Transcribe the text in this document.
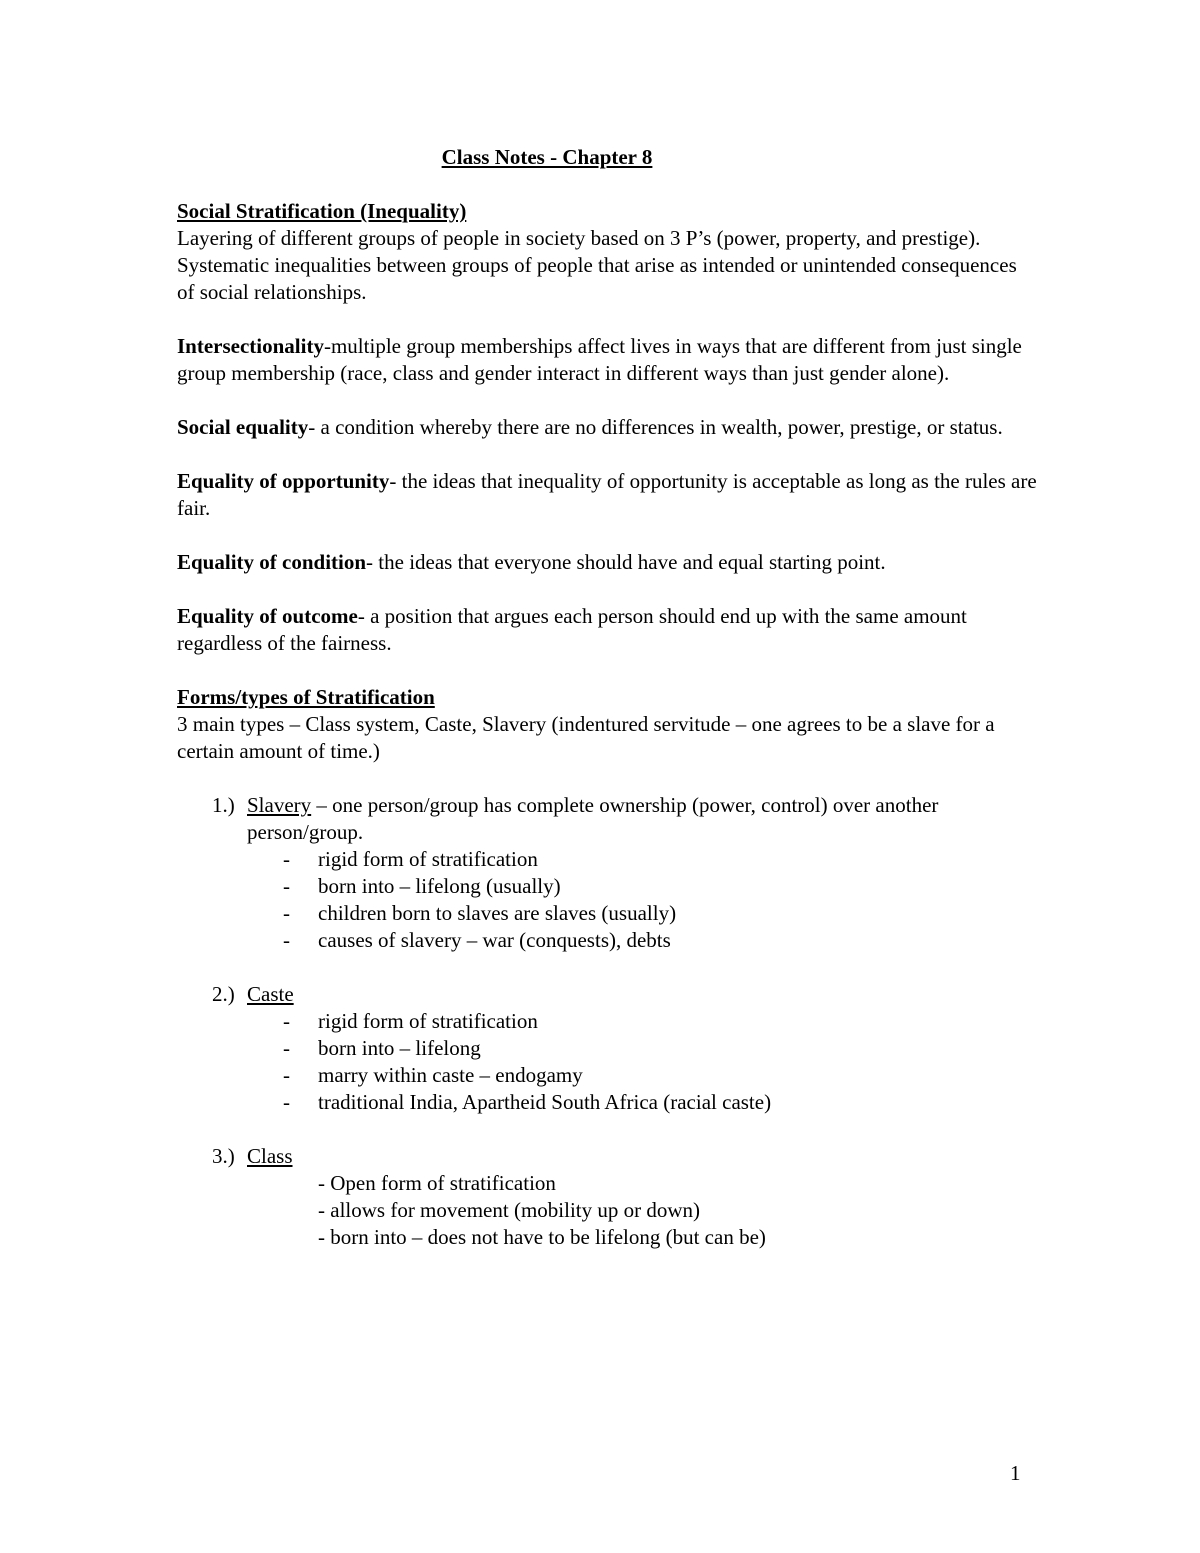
Class Notes - Chapter 8

Social Stratification (Inequality)
Layering of different groups of people in society based on 3 P’s (power, property, and prestige). Systematic inequalities between groups of people that arise as intended or unintended consequences of social relationships.

Intersectionality-multiple group memberships affect lives in ways that are different from just single group membership (race, class and gender interact in different ways than just gender alone).

Social equality- a condition whereby there are no differences in wealth, power, prestige, or status.

Equality of opportunity- the ideas that inequality of opportunity is acceptable as long as the rules are fair.

Equality of condition- the ideas that everyone should have and equal starting point.

Equality of outcome- a position that argues each person should end up with the same amount regardless of the fairness.

Forms/types of Stratification
3 main types – Class system, Caste, Slavery (indentured servitude – one agrees to be a slave for a certain amount of time.)

1.) Slavery – one person/group has complete ownership (power, control) over another person/group.
- rigid form of stratification
- born into – lifelong (usually)
- children born to slaves are slaves (usually)
- causes of slavery – war (conquests), debts
2.) Caste
- rigid form of stratification
- born into – lifelong
- marry within caste – endogamy
- traditional India, Apartheid South Africa (racial caste)
3.) Class
- Open form of stratification
- allows for movement (mobility up or down)
- born into – does not have to be lifelong (but can be)
1
